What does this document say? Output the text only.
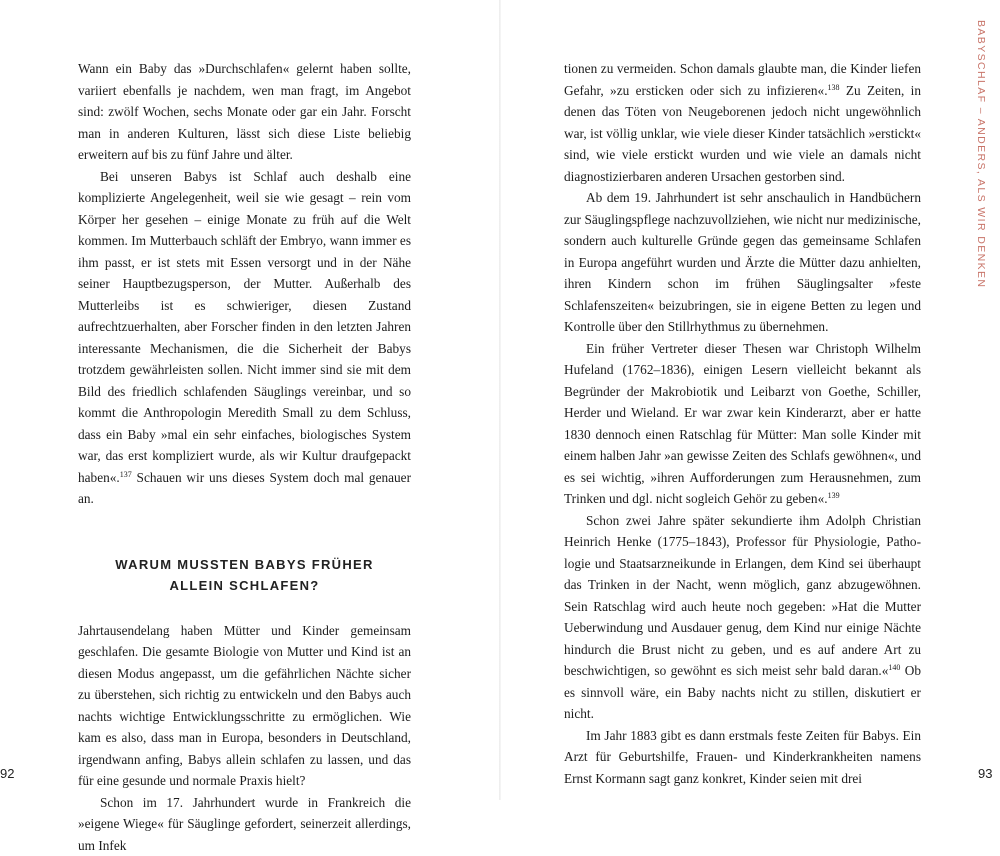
Wann ein Baby das »Durchschlafen« gelernt haben sollte, variiert ebenfalls je nachdem, wen man fragt, im Angebot sind: zwölf Wochen, sechs Monate oder gar ein Jahr. Forscht man in anderen Kulturen, lässt sich diese Liste beliebig erweitern auf bis zu fünf Jahre und älter.

Bei unseren Babys ist Schlaf auch deshalb eine komplizierte Angelegenheit, weil sie wie gesagt – rein vom Körper her gesehen – einige Monate zu früh auf die Welt kommen. Im Mutterbauch schläft der Embryo, wann immer es ihm passt, er ist stets mit Essen versorgt und in der Nähe seiner Hauptbezugsperson, der Mutter. Außerhalb des Mutterleibs ist es schwieriger, diesen Zustand aufrechtzuerhalten, aber Forscher finden in den letzten Jahren interessante Mechanismen, die die Sicherheit der Babys trotzdem gewährleisten sollen. Nicht immer sind sie mit dem Bild des friedlich schlafenden Säuglings vereinbar, und so kommt die Anthropologin Meredith Small zu dem Schluss, dass ein Baby »mal ein sehr einfaches, biologisches System war, das erst kompliziert wurde, als wir Kultur draufgepackt haben«.$^{137}$ Schauen wir uns dieses System doch mal genauer an.

WARUM MUSSTEN BABYS FRÜHER
ALLEIN SCHLAFEN?

Jahrtausendelang haben Mütter und Kinder gemeinsam geschlafen. Die gesamte Biologie von Mutter und Kind ist an diesen Modus angepasst, um die gefährlichen Nächte sicher zu überstehen, sich richtig zu entwickeln und den Babys auch nachts wichtige Entwicklungsschritte zu ermöglichen. Wie kam es also, dass man in Europa, besonders in Deutschland, irgendwann anfing, Babys allein schlafen zu lassen, und das für eine gesunde und normale Praxis hielt?

Schon im 17. Jahrhundert wurde in Frankreich die »eigene Wiege« für Säuglinge gefordert, seinerzeit allerdings, um Infek

92
BABYSCHLAF – ANDERS, ALS WIR DENKEN

tionen zu vermeiden. Schon damals glaubte man, die Kinder liefen Gefahr, »zu ersticken oder sich zu infizieren«.$^{138}$ Zu Zeiten, in denen das Töten von Neugeborenen jedoch nicht ungewöhnlich war, ist völlig unklar, wie viele dieser Kinder tatsächlich »erstickt« sind, wie viele erstickt wurden und wie viele an damals nicht diagnostizierbaren anderen Ursachen gestorben sind.

Ab dem 19. Jahrhundert ist sehr anschaulich in Handbüchern zur Säuglingspflege nachzuvollziehen, wie nicht nur medizinische, sondern auch kulturelle Gründe gegen das gemeinsame Schlafen in Europa angeführt wurden und Ärzte die Mütter dazu anhielten, ihren Kindern schon im frühen Säuglingsalter »feste Schlafenszeiten« beizubringen, sie in eigene Betten zu legen und Kontrolle über den Stillrhythmus zu übernehmen.

Ein früher Vertreter dieser Thesen war Christoph Wilhelm Hufeland (1762–1836), einigen Lesern vielleicht bekannt als Begründer der Makrobiotik und Leibarzt von Goethe, Schiller, Herder und Wieland. Er war zwar kein Kinderarzt, aber er hatte 1830 dennoch einen Ratschlag für Mütter: Man solle Kinder mit einem halben Jahr »an gewisse Zeiten des Schlafs gewöhnen«, und es sei wichtig, »ihren Aufforderungen zum Herausnehmen, zum Trinken und dgl. nicht sogleich Gehör zu geben«.$^{139}$

Schon zwei Jahre später sekundierte ihm Adolph Christian Heinrich Henke (1775–1843), Professor für Physiologie, Pathologie und Staatsarzneikunde in Erlangen, dem Kind sei überhaupt das Trinken in der Nacht, wenn möglich, ganz abzugewöhnen. Sein Ratschlag wird auch heute noch gegeben: »Hat die Mutter Ueberwindung und Ausdauer genug, dem Kind nur einige Nächte hindurch die Brust nicht zu geben, und es auf andere Art zu beschwichtigen, so gewöhnt es sich meist sehr bald daran.«$^{140}$ Ob es sinnvoll wäre, ein Baby nachts nicht zu stillen, diskutiert er nicht.

Im Jahr 1883 gibt es dann erstmals feste Zeiten für Babys. Ein Arzt für Geburtshilfe, Frauen- und Kinderkrankheiten namens Ernst Kormann sagt ganz konkret, Kinder seien mit drei	93
